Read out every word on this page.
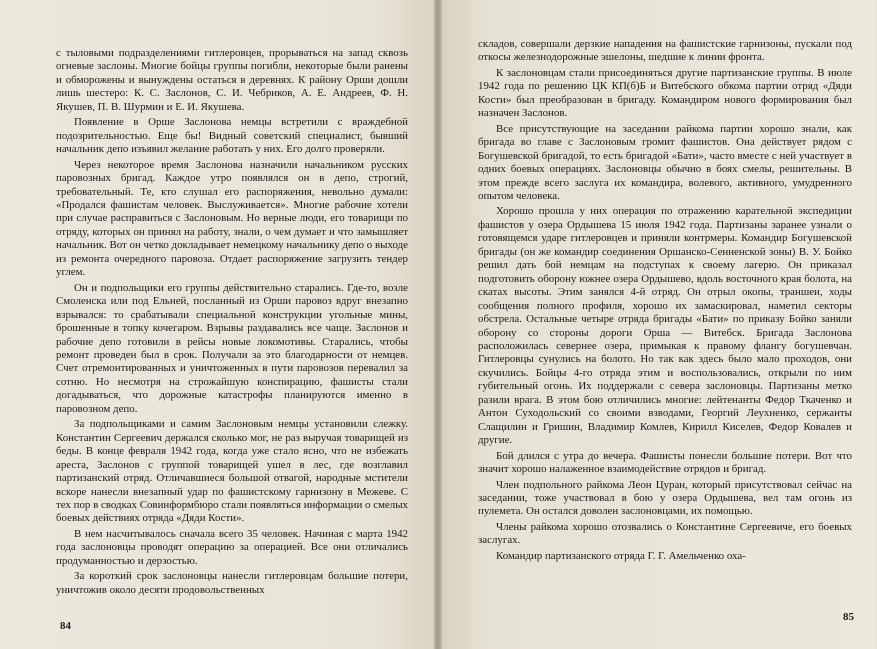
с тыловыми подразделениями гитлеровцев, прорываться на запад сквозь огневые заслоны. Многие бойцы группы погибли, некоторые были ранены и обморожены и вынуждены остаться в деревнях. К району Орши дошли лишь шестеро: К. С. Заслонов, С. И. Чебриков, А. Е. Андреев, Ф. Н. Якушев, П. В. Шурмин и Е. И. Якушева.

Появление в Орше Заслонова немцы встретили с враждебной подозрительностью. Еще бы! Видный советский специалист, бывший начальник депо изъявил желание работать у них. Его долго проверяли.

Через некоторое время Заслонова назначили начальником русских паровозных бригад. Каждое утро появлялся он в депо, строгий, требовательный. Те, кто слушал его распоряжения, невольно думали: «Продался фашистам человек. Выслуживается». Многие рабочие хотели при случае расправиться с Заслоновым. Но верные люди, его товарищи по отряду, которых он принял на работу, знали, о чем думает и что замышляет начальник. Вот он четко докладывает немецкому начальнику депо о выходе из ремонта очередного паровоза. Отдает распоряжение загрузить тендер углем.

Он и подпольщики его группы действительно старались. Где-то, возле Смоленска или под Ельней, посланный из Орши паровоз вдруг внезапно взрывался: то срабатывали специальной конструкции угольные мины, брошенные в топку кочегаром. Взрывы раздавались все чаще. Заслонов и рабочие депо готовили в рейсы новые локомотивы. Старались, чтобы ремонт проведен был в срок. Получали за это благодарности от немцев. Счет отремонтированных и уничтоженных в пути паровозов перевалил за сотню. Но несмотря на строжайшую конспирацию, фашисты стали догадываться, что дорожные катастрофы планируются именно в паровозном депо.

За подпольщиками и самим Заслоновым немцы установили слежку. Константин Сергеевич держался сколько мог, не раз выручая товарищей из беды. В конце февраля 1942 года, когда уже стало ясно, что не избежать ареста, Заслонов с группой товарищей ушел в лес, где возглавил партизанский отряд. Отличавшиеся большой отвагой, народные мстители вскоре нанесли внезапный удар по фашистскому гарнизону в Межеве. С тех пор в сводках Совинформбюро стали появляться информации о смелых боевых действиях отряда «Дяди Кости».

В нем насчитывалось сначала всего 35 человек. Начиная с марта 1942 года заслоновцы проводят операцию за операцией. Все они отличались продуманностью и дерзостью.

За короткий срок заслоновцы нанесли гитлеровцам большие потери, уничтожив около десяти продовольственных

84

складов, совершали дерзкие нападения на фашистские гарнизоны, пускали под откосы железнодорожные эшелоны, шедшие к линии фронта.

К заслоновцам стали присоединяться другие партизанские группы. В июле 1942 года по решению ЦК КП(б)Б и Витебского обкома партии отряд «Дяди Кости» был преобразован в бригаду. Командиром нового формирования был назначен Заслонов.

Все присутствующие на заседании райкома партии хорошо знали, как бригада во главе с Заслоновым громит фашистов. Она действует рядом с Богушевской бригадой, то есть бригадой «Бати», часто вместе с ней участвует в одних боевых операциях. Заслоновцы обычно в боях смелы, решительны. В этом прежде всего заслуга их командира, волевого, активного, умудренного опытом человека.

Хорошо прошла у них операция по отражению карательной экспедиции фашистов у озера Ордышева 15 июля 1942 года. Партизаны заранее узнали о готовящемся ударе гитлеровцев и приняли контрмеры. Командир Богушевской бригады (он же командир соединения Оршанско-Сенненской зоны) В. У. Бойко решил дать бой немцам на подступах к своему лагерю. Он приказал подготовить оборону южнее озера Ордышево, вдоль восточного края болота, на скатах высоты. Этим занялся 4-й отряд. Он отрыл окопы, траншеи, ходы сообщения полного профиля, хорошо их замаскировал, наметил секторы обстрела. Остальные четыре отряда бригады «Бати» по приказу Бойко заняли оборону со стороны дороги Орша — Витебск. Бригада Заслонова расположилась севернее озера, примыкая к правому флангу богушевчан. Гитлеровцы сунулись на болото. Но так как здесь было мало проходов, они скучились. Бойцы 4-го отряда этим и воспользовались, открыли по ним губительный огонь. Их поддержали с севера заслоновцы. Партизаны метко разили врага. В этом бою отличились многие: лейтенанты Федор Ткаченко и Антон Суходольский со своими взводами, Георгий Леухненко, сержанты Слащилин и Гришин, Владимир Комлев, Кирилл Киселев, Федор Ковалев и другие.

Бой длился с утра до вечера. Фашисты понесли большие потери. Вот что значит хорошо налаженное взаимодействие отрядов и бригад.

Член подпольного райкома Леон Цуран, который присутствовал сейчас на заседании, тоже участвовал в бою у озера Ордышева, вел там огонь из пулемета. Он остался доволен заслоновцами, их помощью.

Члены райкома хорошо отозвались о Константине Сергеевиче, его боевых заслугах.

Командир партизанского отряда Г. Г. Амельченко оха-

85
